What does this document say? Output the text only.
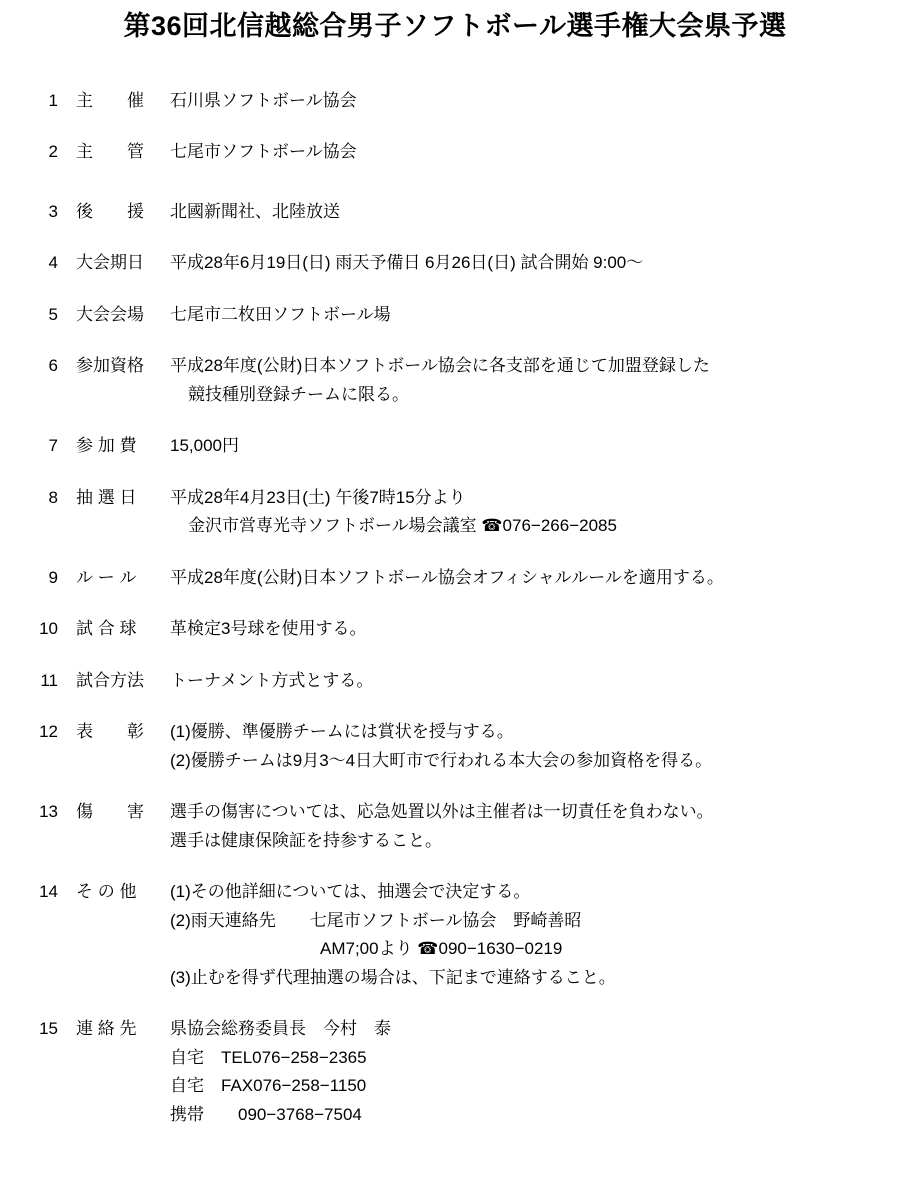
第36回北信越総合男子ソフトボール選手権大会県予選
1	主　　催	石川県ソフトボール協会
2	主　　管	七尾市ソフトボール協会
3	後　　援	北國新聞社、北陸放送
4	大会期日	平成28年6月19日(日) 雨天予備日 6月26日(日) 試合開始 9:00〜
5	大会会場	七尾市二枚田ソフトボール場
6	参加資格	平成28年度(公財)日本ソフトボール協会に各支部を通じて加盟登録した
競技種別登録チームに限る。
7	参 加 費	15,000円
8	抽 選 日	平成28年4月23日(土) 午後7時15分より
金沢市営専光寺ソフトボール場会議室 ☎076−266−2085
9	ル ー ル	平成28年度(公財)日本ソフトボール協会オフィシャルルールを適用する。
10	試 合 球	革検定3号球を使用する。
11	試合方法	トーナメント方式とする。
12	表　　彰	(1)優勝、準優勝チームには賞状を授与する。
(2)優勝チームは9月3〜4日大町市で行われる本大会の参加資格を得る。
13	傷　　害	選手の傷害については、応急処置以外は主催者は一切責任を負わない。
選手は健康保険証を持参すること。
14	そ の 他	(1)その他詳細については、抽選会で決定する。
(2)雨天連絡先　　七尾市ソフトボール協会　野崎善昭
AM7;00より ☎090−1630−0219
(3)止むを得ず代理抽選の場合は、下記まで連絡すること。
15	連 絡 先	県協会総務委員長　今村　泰
自宅　TEL076−258−2365
自宅　FAX076−258−1150
携帯　　090−3768−7504
